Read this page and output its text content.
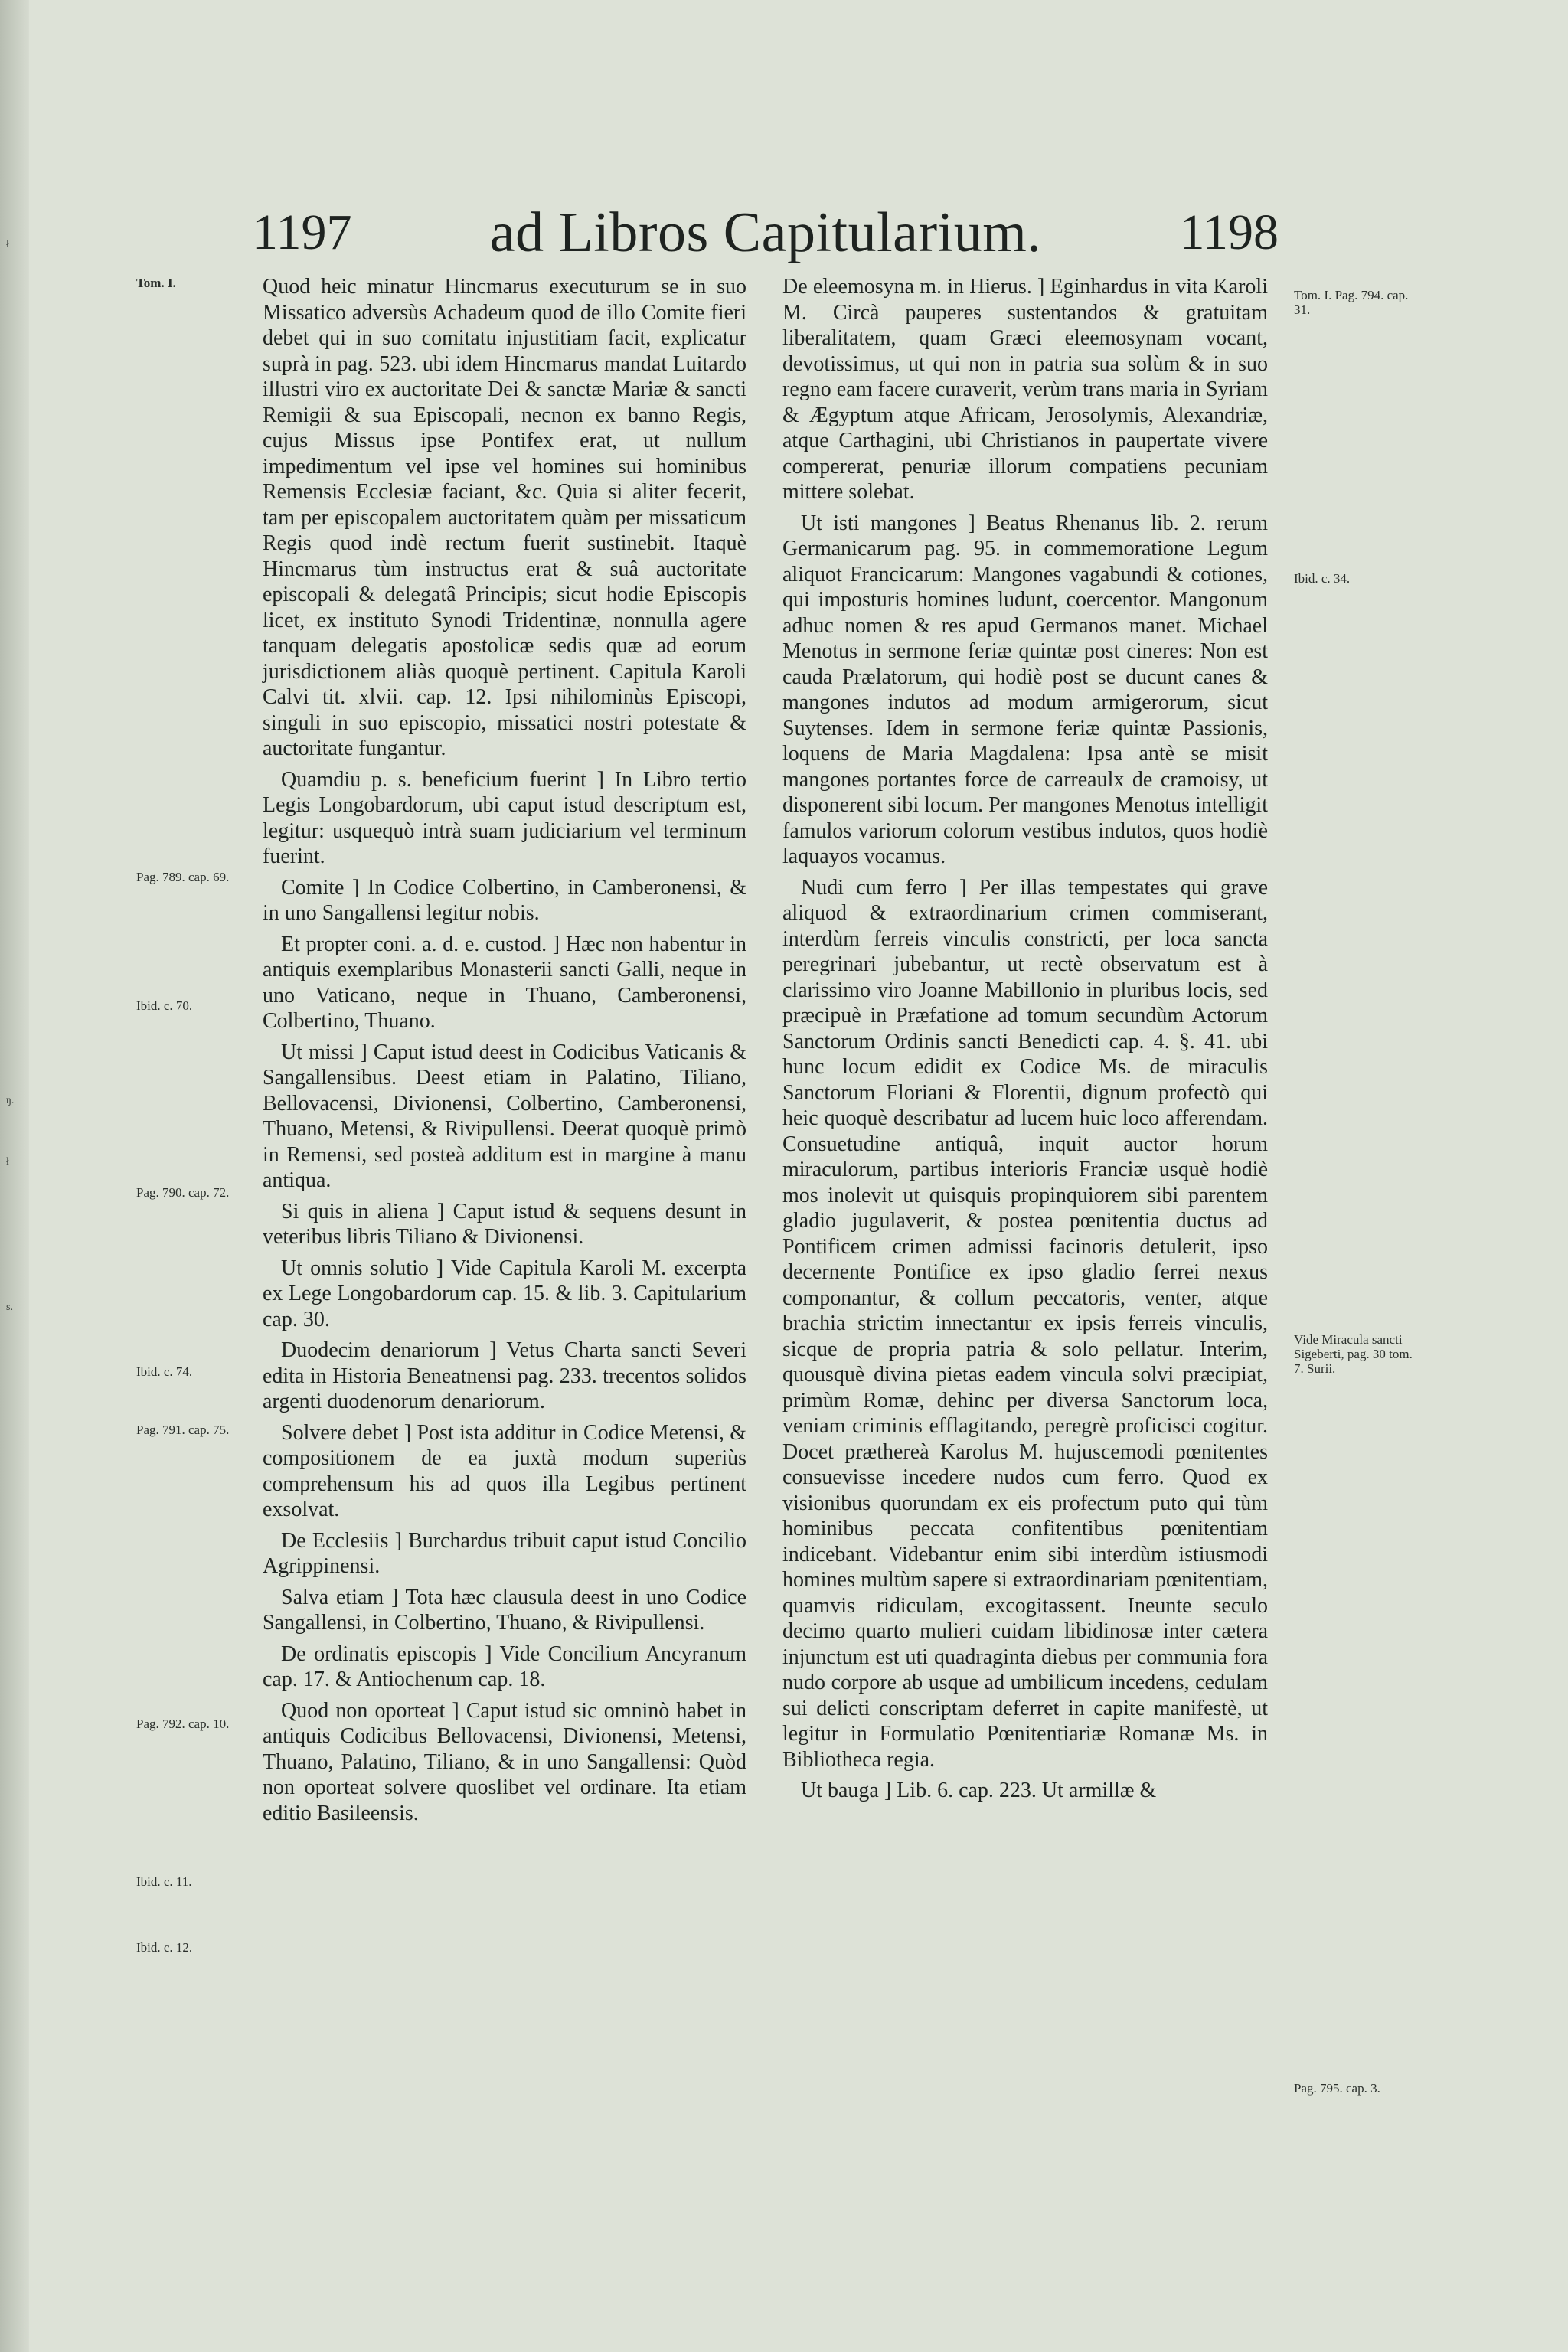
ł
ŋ.
ł
s.
1197	ad Libros Capitularium.	1198
Tom. I.
Pag. 789. cap. 69.
Ibid. c. 70.
Pag. 790. cap. 72.
Ibid. c. 74.
Pag. 791. cap. 75.
Pag. 792. cap. 10.
Ibid. c. 11.
Ibid. c. 12.

Quod heic minatur Hincmarus executurum se in suo Missatico adversùs Achadeum quod de illo Comite fieri debet qui in suo comitatu injustitiam facit, explicatur suprà in pag. 523. ubi idem Hincmarus mandat Luitardo illustri viro ex auctoritate Dei & sanctæ Mariæ & sancti Remigii & sua Episcopali, necnon ex banno Regis, cujus Missus ipse Pontifex erat, ut nullum impedimentum vel ipse vel homines sui hominibus Remensis Ecclesiæ faciant, &c. Quia si aliter fecerit, tam per episcopalem auctoritatem quàm per missaticum Regis quod indè rectum fuerit sustinebit. Itaquè Hincmarus tùm instructus erat & suâ auctoritate episcopali & delegatâ Principis; sicut hodie Episcopis licet, ex instituto Synodi Tridentinæ, nonnulla agere tanquam delegatis apostolicæ sedis quæ ad eorum jurisdictionem aliàs quoquè pertinent. Capitula Karoli Calvi tit. xlvii. cap. 12. Ipsi nihilominùs Episcopi, singuli in suo episcopio, missatici nostri potestate & auctoritate fungantur.

Quamdiu p. s. beneficium fuerint ] In Libro tertio Legis Longobardorum, ubi caput istud descriptum est, legitur: usquequò intrà suam judiciarium vel terminum fuerint.

Comite ] In Codice Colbertino, in Camberonensi, & in uno Sangallensi legitur nobis.

Et propter coni. a. d. e. custod. ] Hæc non habentur in antiquis exemplaribus Monasterii sancti Galli, neque in uno Vaticano, neque in Thuano, Camberonensi, Colbertino, Thuano.

Ut missi ] Caput istud deest in Codicibus Vaticanis & Sangallensibus. Deest etiam in Palatino, Tiliano, Bellovacensi, Divionensi, Colbertino, Camberonensi, Thuano, Metensi, & Rivipullensi. Deerat quoquè primò in Remensi, sed posteà additum est in margine à manu antiqua.

Si quis in aliena ] Caput istud & sequens desunt in veteribus libris Tiliano & Divionensi.

Ut omnis solutio ] Vide Capitula Karoli M. excerpta ex Lege Longobardorum cap. 15. & lib. 3. Capitularium cap. 30.

Duodecim denariorum ] Vetus Charta sancti Severi edita in Historia Beneatnensi pag. 233. trecentos solidos argenti duodenorum denariorum.

Solvere debet ] Post ista additur in Codice Metensi, & compositionem de ea juxtà modum superiùs comprehensum his ad quos illa Legibus pertinent exsolvat.

De Ecclesiis ] Burchardus tribuit caput istud Concilio Agrippinensi.

Salva etiam ] Tota hæc clausula deest in uno Codice Sangallensi, in Colbertino, Thuano, & Rivipullensi.

De ordinatis episcopis ] Vide Concilium Ancyranum cap. 17. & Antiochenum cap. 18.

Quod non oporteat ] Caput istud sic omninò habet in antiquis Codicibus Bellovacensi, Divionensi, Metensi, Thuano, Palatino, Tiliano, & in uno Sangallensi: Quòd non oporteat solvere quoslibet vel ordinare. Ita etiam editio Basileensis.

De eleemosyna m. in Hierus. ] Eginhardus in vita Karoli M. Circà pauperes sustentandos & gratuitam liberalitatem, quam Græci eleemosynam vocant, devotissimus, ut qui non in patria sua solùm & in suo regno eam facere curaverit, verùm trans maria in Syriam & Ægyptum atque Africam, Jerosolymis, Alexandriæ, atque Carthagini, ubi Christianos in paupertate vivere compererat, penuriæ illorum compatiens pecuniam mittere solebat.

Ut isti mangones ] Beatus Rhenanus lib. 2. rerum Germanicarum pag. 95. in commemoratione Legum aliquot Francicarum: Mangones vagabundi & cotiones, qui imposturis homines ludunt, coercentor. Mangonum adhuc nomen & res apud Germanos manet. Michael Menotus in sermone feriæ quintæ post cineres: Non est cauda Prælatorum, qui hodiè post se ducunt canes & mangones indutos ad modum armigerorum, sicut Suytenses. Idem in sermone feriæ quintæ Passionis, loquens de Maria Magdalena: Ipsa antè se misit mangones portantes force de carreaulx de cramoisy, ut disponerent sibi locum. Per mangones Menotus intelligit famulos variorum colorum vestibus indutos, quos hodiè laquayos vocamus.

Nudi cum ferro ] Per illas tempestates qui grave aliquod & extraordinarium crimen commiserant, interdùm ferreis vinculis constricti, per loca sancta peregrinari jubebantur, ut rectè observatum est à clarissimo viro Joanne Mabillonio in pluribus locis, sed præcipuè in Præfatione ad tomum secundùm Actorum Sanctorum Ordinis sancti Benedicti cap. 4. §. 41. ubi hunc locum edidit ex Codice Ms. de miraculis Sanctorum Floriani & Florentii, dignum profectò qui heic quoquè describatur ad lucem huic loco afferendam. Consuetudine antiquâ, inquit auctor horum miraculorum, partibus interioris Franciæ usquè hodiè mos inolevit ut quisquis propinquiorem sibi parentem gladio jugulaverit, & postea pœnitentia ductus ad Pontificem crimen admissi facinoris detulerit, ipso decernente Pontifice ex ipso gladio ferrei nexus componantur, & collum peccatoris, venter, atque brachia strictim innectantur ex ipsis ferreis vinculis, sicque de propria patria & solo pellatur. Interim, quousquè divina pietas eadem vincula solvi præcipiat, primùm Romæ, dehinc per diversa Sanctorum loca, veniam criminis efflagitando, peregrè proficisci cogitur. Docet præthereà Karolus M. hujuscemodi pœnitentes consuevisse incedere nudos cum ferro. Quod ex visionibus quorundam ex eis profectum puto qui tùm hominibus peccata confitentibus pœnitentiam indicebant. Videbantur enim sibi interdùm istiusmodi homines multùm sapere si extraordinariam pœnitentiam, quamvis ridiculam, excogitassent. Ineunte seculo decimo quarto mulieri cuidam libidinosæ inter cætera injunctum est uti quadraginta diebus per communia fora nudo corpore ab usque ad umbilicum incedens, cedulam sui delicti conscriptam deferret in capite manifestè, ut legitur in Formulatio Pœnitentiariæ Romanæ Ms. in Bibliotheca regia.

Ut bauga ] Lib. 6. cap. 223. Ut armillæ &

Tom. I. Pag. 794. cap. 31.
Ibid. c. 34.
Vide Miracula sancti Sigeberti, pag. 30 tom. 7. Surii.
Pag. 795. cap. 3.
